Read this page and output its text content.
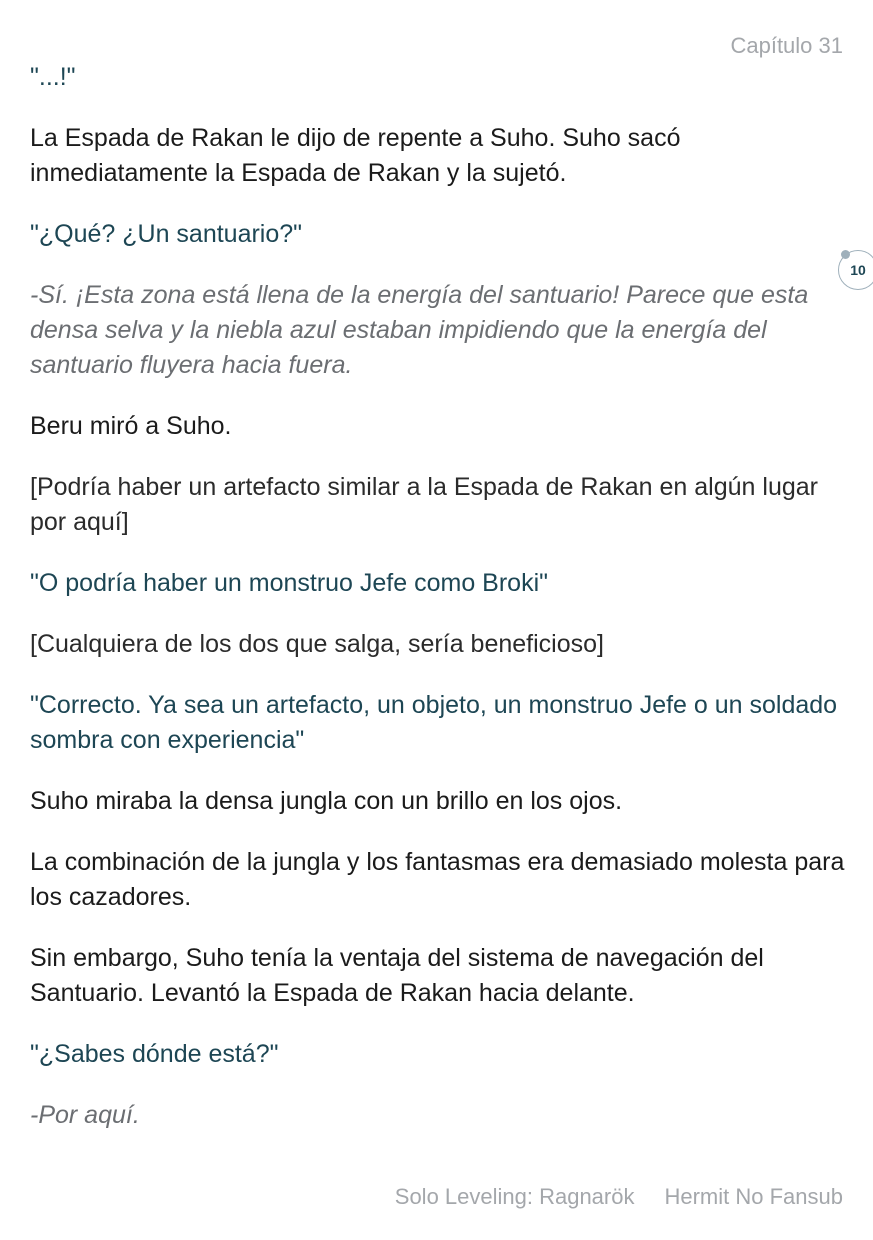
Capítulo 31

"...!"

La Espada de Rakan le dijo de repente a Suho. Suho sacó inmediatamente la Espada de Rakan y la sujetó.

"¿Qué? ¿Un santuario?"

-Sí. ¡Esta zona está llena de la energía del santuario! Parece que esta densa selva y la niebla azul estaban impidiendo que la energía del santuario fluyera hacia fuera.

Beru miró a Suho.

[Podría haber un artefacto similar a la Espada de Rakan en algún lugar por aquí]

"O podría haber un monstruo Jefe como Broki"

[Cualquiera de los dos que salga, sería beneficioso]

"Correcto. Ya sea un artefacto, un objeto, un monstruo Jefe o un soldado sombra con experiencia"

Suho miraba la densa jungla con un brillo en los ojos.

La combinación de la jungla y los fantasmas era demasiado molesta para los cazadores.

Sin embargo, Suho tenía la ventaja del sistema de navegación del Santuario. Levantó la Espada de Rakan hacia delante.

"¿Sabes dónde está?"

-Por aquí.

10
Solo Leveling: Ragnarök Hermit No Fansub
